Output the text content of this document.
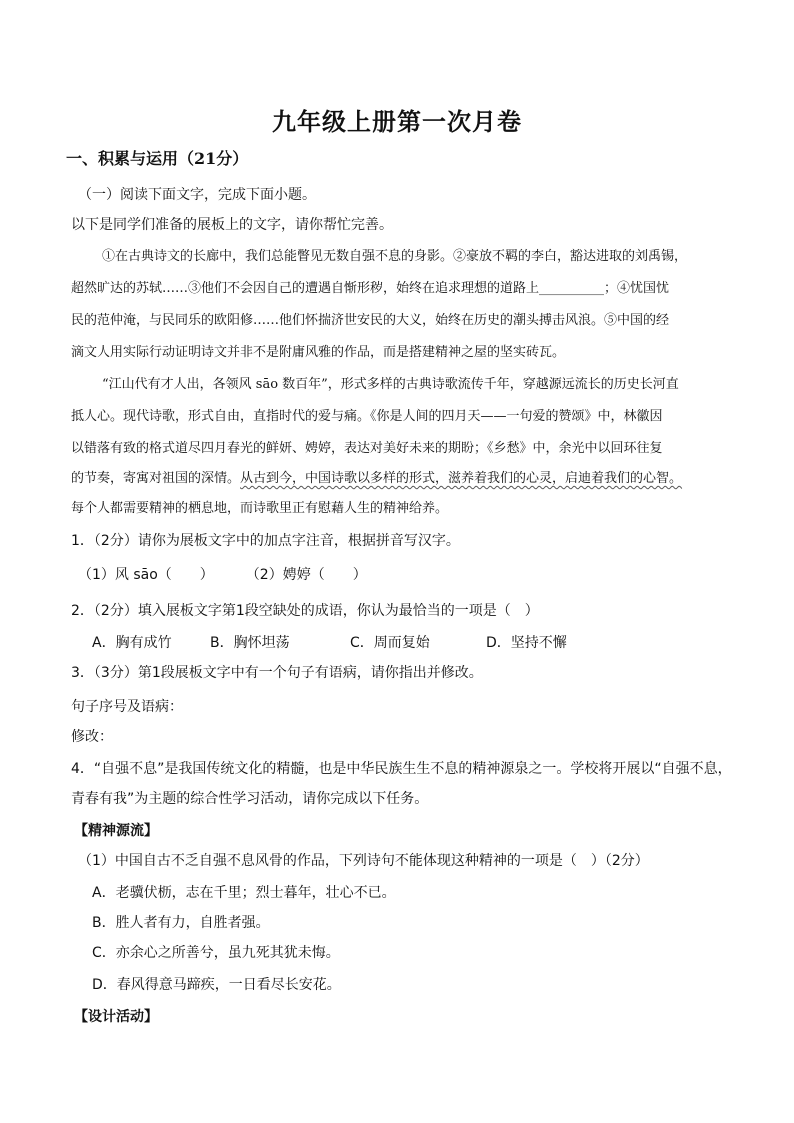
九年级上册第一次月卷
一、积累与运用（21分）
（一）阅读下面文字，完成下面小题。
以下是同学们准备的展板上的文字，请你帮忙完善。
①在古典诗文的长廊中，我们总能瞥见无数自强不息的身影。②豪放不羁的李白，豁达进取的刘禹锡，
超然旷达的苏轼……③他们不会因自己的遭遇自惭形秽，始终在追求理想的道路上__________；④忧国忧
民的范仲淹，与民同乐的欧阳修……他们怀揣济世安民的大义，始终在历史的潮头搏击风浪。⑤中国的经
滴文人用实际行动证明诗文并非不是附庸风雅的作品，而是搭建精神之屋的坚实砖瓦。
“江山代有才人出，各领风 sāo 数百年”，形式多样的古典诗歌流传千年，穿越源远流长的历史长河直
抵人心。现代诗歌，形式自由，直指时代的爱与痛。《你是人间的四月天——一句爱的赞颂》中，林徽因
以错落有致的格式道尽四月春光的鲜妍、娉婷，表达对美好未来的期盼；《乡愁》中，余光中以回环往复
的节奏，寄寓对祖国的深情。从古到今，中国诗歌以多样的形式，滋养着我们的心灵，启迪着我们的心智。
每个人都需要精神的栖息地，而诗歌里正有慰藉人生的精神给养。
1．（2分）请你为展板文字中的加点字注音，根据拼音写汉字。
（1）风 sāo（　　） （2）娉婷（　　）
2．（2分）填入展板文字第1段空缺处的成语，你认为最恰当的一项是（　）
A．胸有成竹	B．胸怀坦荡	C．周而复始	D．坚持不懈
3．（3分）第1段展板文字中有一个句子有语病，请你指出并修改。
句子序号及语病：
修改：
4．“自强不息”是我国传统文化的精髓，也是中华民族生生不息的精神源泉之一。学校将开展以“自强不息，
青春有我”为主题的综合性学习活动，请你完成以下任务。
【精神源流】
（1）中国自古不乏自强不息风骨的作品，下列诗句不能体现这种精神的一项是（　）（2分）
A．老骥伏枥，志在千里；烈士暮年，壮心不已。
B．胜人者有力，自胜者强。
C．亦余心之所善兮，虽九死其犹未悔。
D．春风得意马蹄疾，一日看尽长安花。
【设计活动】
